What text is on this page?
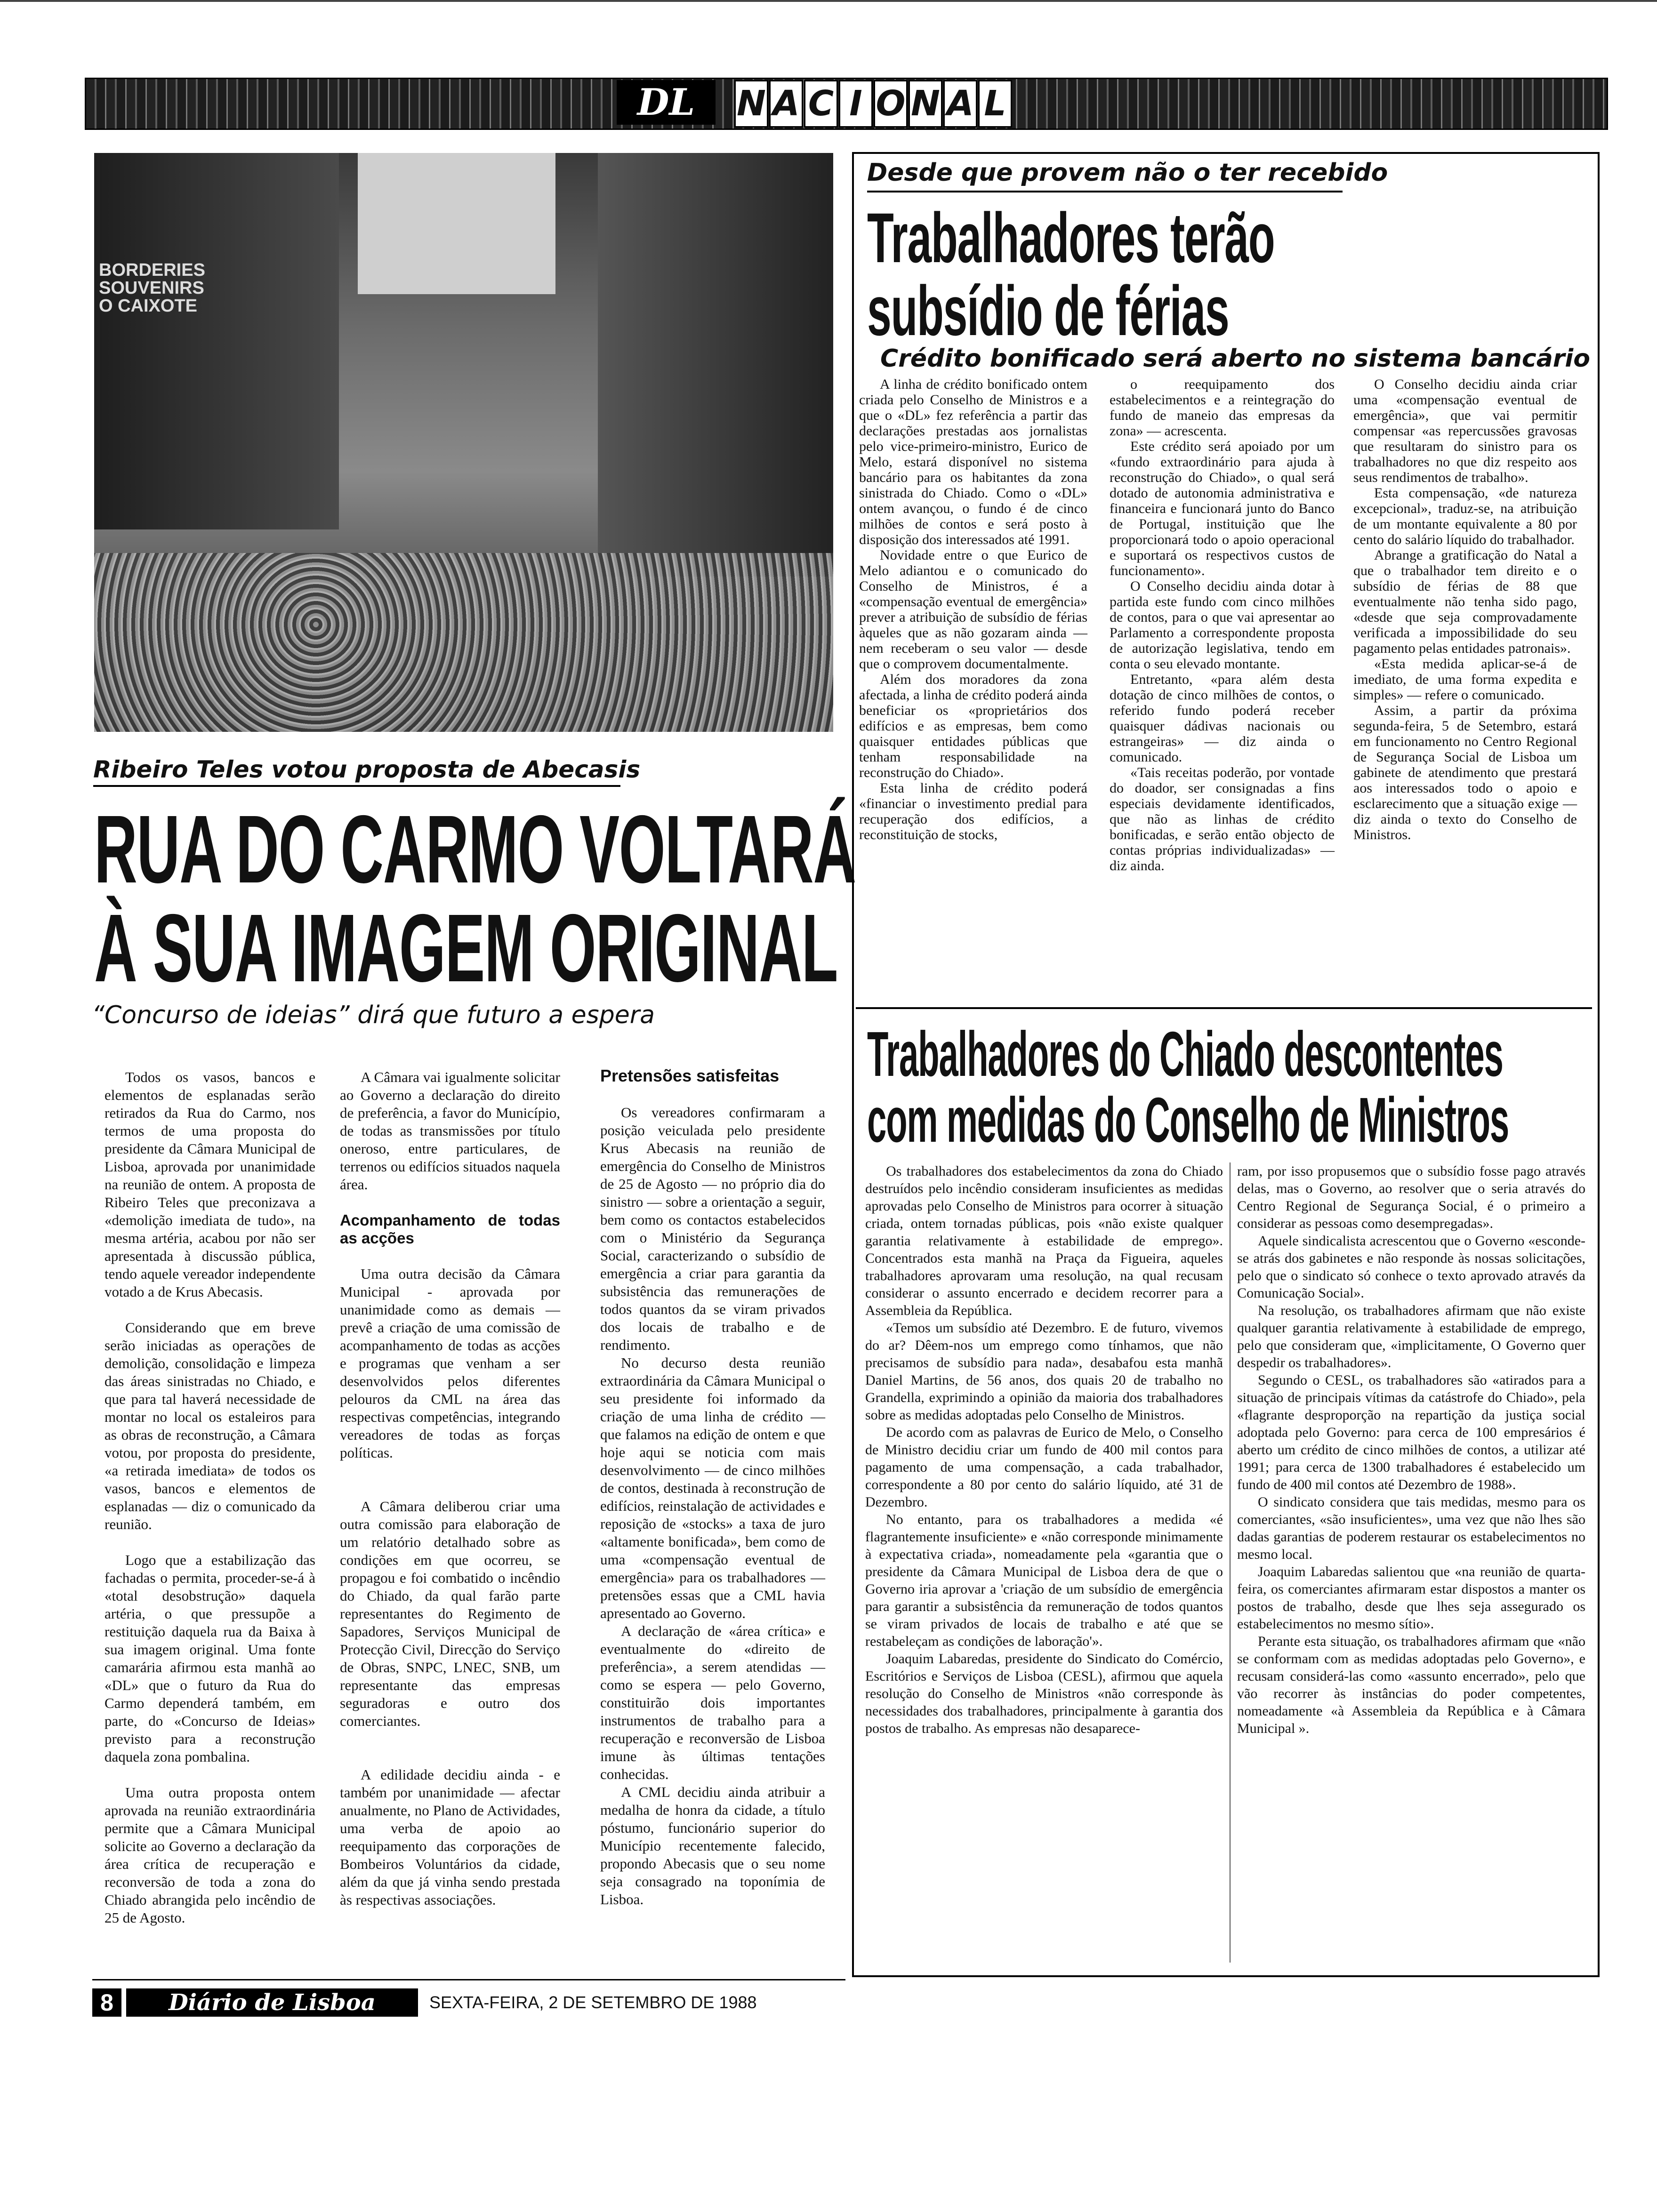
DL	N A C I O N A L
BORDERIES
SOUVENIRS
O CAIXOTE
Ribeiro Teles votou proposta de Abecasis
RUA DO CARMO VOLTARÁ
À SUA IMAGEM ORIGINAL
“Concurso de ideias” dirá que futuro a espera

Todos os vasos, bancos e elementos de esplanadas serão retirados da Rua do Carmo, nos termos de uma proposta do presidente da Câmara Municipal de Lisboa, aprovada por unanimidade na reunião de ontem. A proposta de Ribeiro Teles que preconizava a «demolição imediata de tudo», na mesma artéria, acabou por não ser apresentada à discussão pública, tendo aquele vereador independente votado a de Krus Abecasis.

Considerando que em breve serão iniciadas as operações de demolição, consolidação e limpeza das áreas sinistradas no Chiado, e que para tal haverá necessidade de montar no local os estaleiros para as obras de reconstrução, a Câmara votou, por proposta do presidente, «a retirada imediata» de todos os vasos, bancos e elementos de esplanadas — diz o comunicado da reunião.

Logo que a estabilização das fachadas o permita, proceder-se-á à «total desobstrução» daquela artéria, o que pressupõe a restituição daquela rua da Baixa à sua imagem original. Uma fonte camarária afirmou esta manhã ao «DL» que o futuro da Rua do Carmo dependerá também, em parte, do «Concurso de Ideias» previsto para a reconstrução daquela zona pombalina.

Uma outra proposta ontem aprovada na reunião extraordinária permite que a Câmara Municipal solicite ao Governo a declaração da área crítica de recuperação e reconversão de toda a zona do Chiado abrangida pelo incêndio de 25 de Agosto.

A Câmara vai igualmente solicitar ao Governo a declaração do direito de preferência, a favor do Município, de todas as transmissões por título oneroso, entre particulares, de terrenos ou edifícios situados naquela área.

Acompanhamento de todas as acções

Uma outra decisão da Câmara Municipal - aprovada por unanimidade como as demais — prevê a criação de uma comissão de acompanhamento de todas as acções e programas que venham a ser desenvolvidos pelos diferentes pelouros da CML na área das respectivas competências, integrando vereadores de todas as forças políticas.

A Câmara deliberou criar uma outra comissão para elaboração de um relatório detalhado sobre as condições em que ocorreu, se propagou e foi combatido o incêndio do Chiado, da qual farão parte representantes do Regimento de Sapadores, Serviços Municipal de Protecção Civil, Direcção do Serviço de Obras, SNPC, LNEC, SNB, um representante das empresas seguradoras e outro dos comerciantes.

A edilidade decidiu ainda - e também por unanimidade — afectar anualmente, no Plano de Actividades, uma verba de apoio ao reequipamento das corporações de Bombeiros Voluntários da cidade, além da que já vinha sendo prestada às respectivas associações.

Pretensões satisfeitas

Os vereadores confirmaram a posição veiculada pelo presidente Krus Abecasis na reunião de emergência do Conselho de Ministros de 25 de Agosto — no próprio dia do sinistro — sobre a orientação a seguir, bem como os contactos estabelecidos com o Ministério da Segurança Social, caracterizando o subsídio de emergência a criar para garantia da subsistência das remunerações de todos quantos da se viram privados dos locais de trabalho e de rendimento.

No decurso desta reunião extraordinária da Câmara Municipal o seu presidente foi informado da criação de uma linha de crédito — que falamos na edição de ontem e que hoje aqui se noticia com mais desenvolvimento — de cinco milhões de contos, destinada à reconstrução de edifícios, reinstalação de actividades e reposição de «stocks» a taxa de juro «altamente bonificada», bem como de uma «compensação eventual de emergência» para os trabalhadores — pretensões essas que a CML havia apresentado ao Governo.

A declaração de «área crítica» e eventualmente do «direito de preferência», a serem atendidas — como se espera — pelo Governo, constituirão dois importantes instrumentos de trabalho para a recuperação e reconversão de Lisboa imune às últimas tentações conhecidas.

A CML decidiu ainda atribuir a medalha de honra da cidade, a título póstumo, funcionário superior do Município recentemente falecido, propondo Abecasis que o seu nome seja consagrado na toponímia de Lisboa.

Desde que provem não o ter recebido
Trabalhadores terão
subsídio de férias
Crédito bonificado será aberto no sistema bancário

A linha de crédito bonificado ontem criada pelo Conselho de Ministros e a que o «DL» fez referência a partir das declarações prestadas aos jornalistas pelo vice-primeiro-ministro, Eurico de Melo, estará disponível no sistema bancário para os habitantes da zona sinistrada do Chiado. Como o «DL» ontem avançou, o fundo é de cinco milhões de contos e será posto à disposição dos interessados até 1991.

Novidade entre o que Eurico de Melo adiantou e o comunicado do Conselho de Ministros, é a «compensação eventual de emergência» prever a atribuição de subsídio de férias àqueles que as não gozaram ainda — nem receberam o seu valor — desde que o comprovem documentalmente.

Além dos moradores da zona afectada, a linha de crédito poderá ainda beneficiar os «proprietários dos edifícios e as empresas, bem como quaisquer entidades públicas que tenham responsabilidade na reconstrução do Chiado».

Esta linha de crédito poderá «financiar o investimento predial para recuperação dos edifícios, a reconstituição de stocks,

o reequipamento dos estabelecimentos e a reintegração do fundo de maneio das empresas da zona» — acrescenta.

Este crédito será apoiado por um «fundo extraordinário para ajuda à reconstrução do Chiado», o qual será dotado de autonomia administrativa e financeira e funcionará junto do Banco de Portugal, instituição que lhe proporcionará todo o apoio operacional e suportará os respectivos custos de funcionamento».

O Conselho decidiu ainda dotar à partida este fundo com cinco milhões de contos, para o que vai apresentar ao Parlamento a correspondente proposta de autorização legislativa, tendo em conta o seu elevado montante.

Entretanto, «para além desta dotação de cinco milhões de contos, o referido fundo poderá receber quaisquer dádivas nacionais ou estrangeiras» — diz ainda o comunicado.

«Tais receitas poderão, por vontade do doador, ser consignadas a fins especiais devidamente identificados, que não as linhas de crédito bonificadas, e serão então objecto de contas próprias individualizadas» — diz ainda.

O Conselho decidiu ainda criar uma «compensação eventual de emergência», que vai permitir compensar «as repercussões gravosas que resultaram do sinistro para os trabalhadores no que diz respeito aos seus rendimentos de trabalho».

Esta compensação, «de natureza excepcional», traduz-se, na atribuição de um montante equivalente a 80 por cento do salário líquido do trabalhador.

Abrange a gratificação do Natal a que o trabalhador tem direito e o subsídio de férias de 88 que eventualmente não tenha sido pago, «desde que seja comprovadamente verificada a impossibilidade do seu pagamento pelas entidades patronais».

«Esta medida aplicar-se-á de imediato, de uma forma expedita e simples» — refere o comunicado.

Assim, a partir da próxima segunda-feira, 5 de Setembro, estará em funcionamento no Centro Regional de Segurança Social de Lisboa um gabinete de atendimento que prestará aos interessados todo o apoio e esclarecimento que a situação exige — diz ainda o texto do Conselho de Ministros.

Trabalhadores do Chiado descontentes
com medidas do Conselho de Ministros

Os trabalhadores dos estabelecimentos da zona do Chiado destruídos pelo incêndio consideram insuficientes as medidas aprovadas pelo Conselho de Ministros para ocorrer à situação criada, ontem tornadas públicas, pois «não existe qualquer garantia relativamente à estabilidade de emprego». Concentrados esta manhã na Praça da Figueira, aqueles trabalhadores aprovaram uma resolução, na qual recusam considerar o assunto encerrado e decidem recorrer para a Assembleia da República.

«Temos um subsídio até Dezembro. E de futuro, vivemos do ar? Dêem-nos um emprego como tínhamos, que não precisamos de subsídio para nada», desabafou esta manhã Daniel Martins, de 56 anos, dos quais 20 de trabalho no Grandella, exprimindo a opinião da maioria dos trabalhadores sobre as medidas adoptadas pelo Conselho de Ministros.

De acordo com as palavras de Eurico de Melo, o Conselho de Ministro decidiu criar um fundo de 400 mil contos para pagamento de uma compensação, a cada trabalhador, correspondente a 80 por cento do salário líquido, até 31 de Dezembro.

No entanto, para os trabalhadores a medida «é flagrantemente insuficiente» e «não corresponde minimamente à expectativa criada», nomeadamente pela «garantia que o presidente da Câmara Municipal de Lisboa dera de que o Governo iria aprovar a 'criação de um subsídio de emergência para garantir a subsistência da remuneração de todos quantos se viram privados de locais de trabalho e até que se restabeleçam as condições de laboração'».

Joaquim Labaredas, presidente do Sindicato do Comércio, Escritórios e Serviços de Lisboa (CESL), afirmou que aquela resolução do Conselho de Ministros «não corresponde às necessidades dos trabalhadores, principalmente à garantia dos postos de trabalho. As empresas não desaparece-

ram, por isso propusemos que o subsídio fosse pago através delas, mas o Governo, ao resolver que o seria através do Centro Regional de Segurança Social, é o primeiro a considerar as pessoas como desempregadas».

Aquele sindicalista acrescentou que o Governo «esconde-se atrás dos gabinetes e não responde às nossas solicitações, pelo que o sindicato só conhece o texto aprovado através da Comunicação Social».

Na resolução, os trabalhadores afirmam que não existe qualquer garantia relativamente à estabilidade de emprego, pelo que consideram que, «implicitamente, O Governo quer despedir os trabalhadores».

Segundo o CESL, os trabalhadores são «atirados para a situação de principais vítimas da catástrofe do Chiado», pela «flagrante desproporção na repartição da justiça social adoptada pelo Governo: para cerca de 100 empresários é aberto um crédito de cinco milhões de contos, a utilizar até 1991; para cerca de 1300 trabalhadores é estabelecido um fundo de 400 mil contos até Dezembro de 1988».

O sindicato considera que tais medidas, mesmo para os comerciantes, «são insuficientes», uma vez que não lhes são dadas garantias de poderem restaurar os estabelecimentos no mesmo local.

Joaquim Labaredas salientou que «na reunião de quarta-feira, os comerciantes afirmaram estar dispostos a manter os postos de trabalho, desde que lhes seja assegurado os estabelecimentos no mesmo sítio».

Perante esta situação, os trabalhadores afirmam que «não se conformam com as medidas adoptadas pelo Governo», e recusam considerá-las como «assunto encerrado», pelo que vão recorrer às instâncias do poder competentes, nomeadamente «à Assembleia da República e à Câmara Municipal ».

8	Diário de Lisboa	SEXTA-FEIRA, 2 DE SETEMBRO DE 1988
